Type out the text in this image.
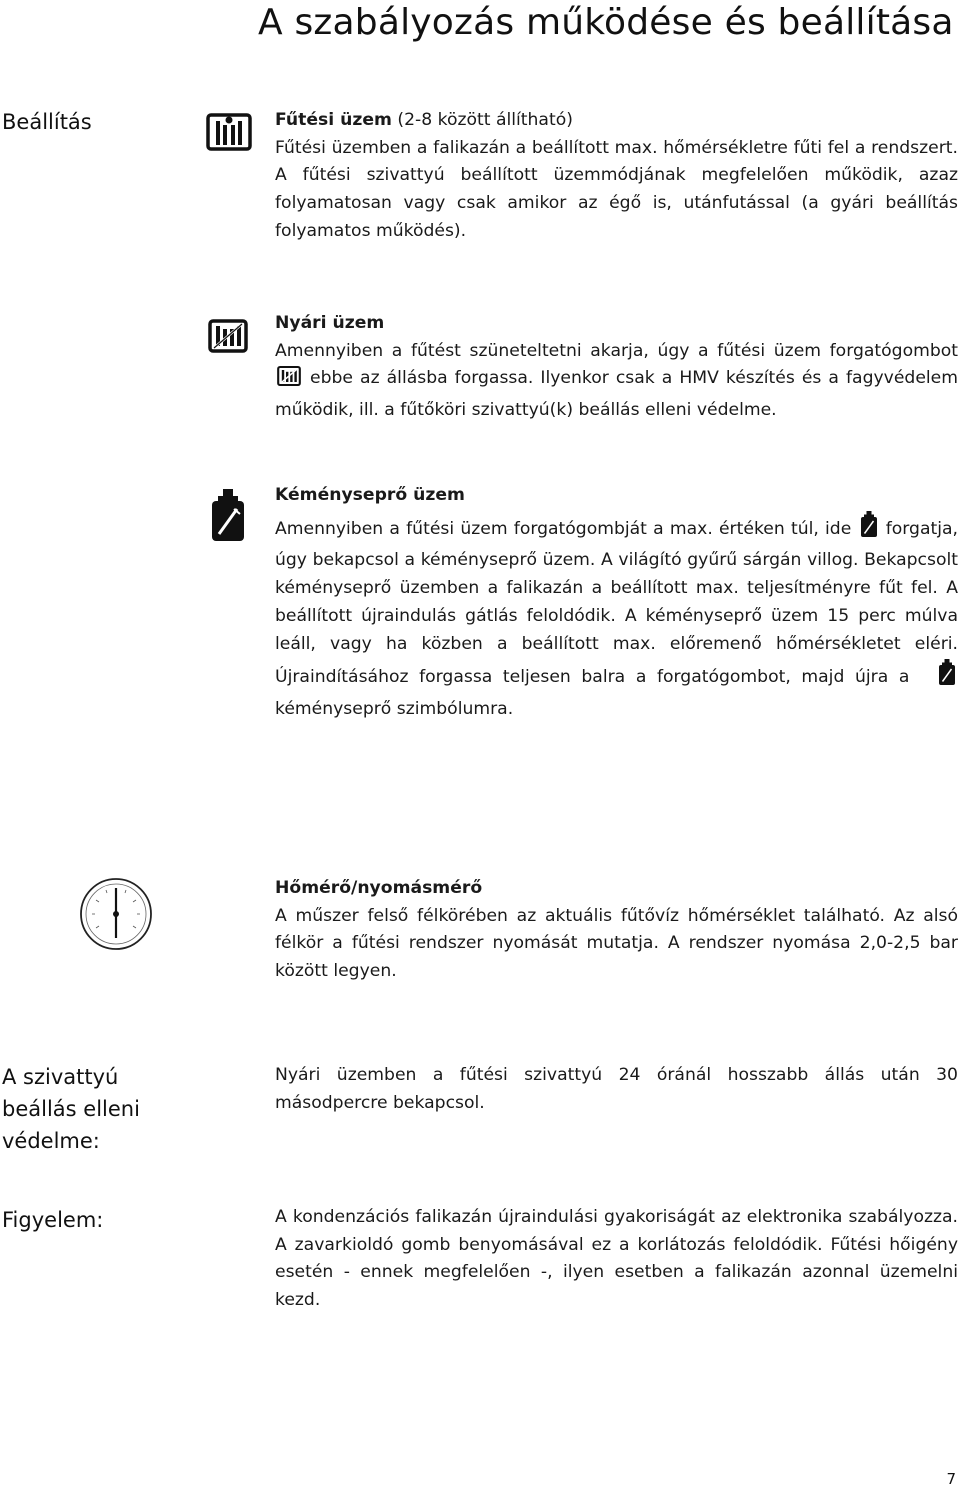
A szabályozás működése és beállítása
Beállítás	Fűtési üzem (2-8 között állítható)

Fűtési üzemben a falikazán a beállított max. hőmérsékletre fűti fel a rendszert. A fűtési szivattyú beállított üzemmódjának megfelelően működik, azaz folyamatosan vagy csak amikor az égő is, utánfutással (a gyári beállítás folyamatos működés).

Nyári üzem

Amennyiben a fűtést szüneteltetni akarja, úgy a fűtési üzem forgatógombot  ebbe az állásba forgassa. Ilyenkor csak a HMV készítés és a fagyvédelem működik, ill. a fűtőköri szivattyú(k) beállás elleni védelme.

Kéményseprő üzem

Amennyiben a fűtési üzem forgatógombját a max. értéken túl, ide  forgatja, úgy bekapcsol a kéményseprő üzem. A világító gyűrű sárgán villog. Bekapcsolt kéményseprő üzemben a falikazán a beállított max. teljesítményre fűt fel. A beállított újraindulás gátlás feloldódik. A kéményseprő üzem 15 perc múlva leáll, vagy ha közben a beállított max. előremenő hőmérsékletet eléri. Újraindításához forgassa teljesen balra a forgatógombot, majd újra a  kéményseprő szimbólumra.

Hőmérő/nyomásmérő

A műszer felső félkörében az aktuális fűtővíz hőmérséklet található. Az alsó félkör a fűtési rendszer nyomását mutatja. A rendszer nyomása 2,0-2,5 bar között legyen.

A szivattyú beállás elleni védelme:
Nyári üzemben a fűtési szivattyú 24 óránál hosszabb állás után 30 másodpercre bekapcsol.
Figyelem:	A kondenzációs falikazán újraindulási gyakoriságát az elektronika szabályozza. A zavarkioldó gomb benyomásával ez a korlátozás feloldódik. Fűtési hőigény esetén - ennek megfelelően -, ilyen esetben a falikazán azonnal üzemelni kezd.
7
